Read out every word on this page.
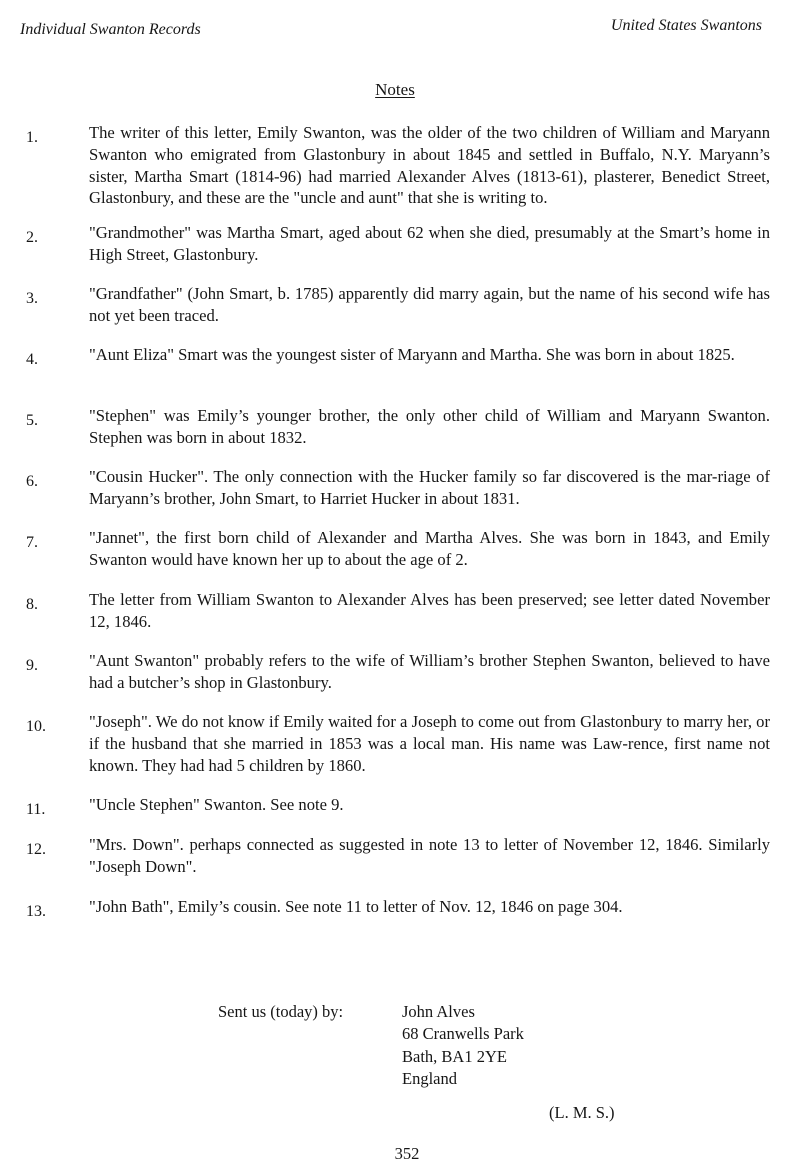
Individual Swanton Records	United States Swantons
Notes
1.	The writer of this letter, Emily Swanton, was the older of the two children of William and Maryann Swanton who emigrated from Glastonbury in about 1845 and settled in Buffalo, N.Y. Maryann’s sister, Martha Smart (1814-96) had married Alexander Alves (1813-61), plasterer, Benedict Street, Glastonbury, and these are the "uncle and aunt" that she is writing to.
2.	"Grandmother" was Martha Smart, aged about 62 when she died, presumably at the Smart’s home in High Street, Glastonbury.
3.	"Grandfather" (John Smart, b. 1785) apparently did marry again, but the name of his second wife has not yet been traced.
4.	"Aunt Eliza" Smart was the youngest sister of Maryann and Martha. She was born in about 1825.
5.	"Stephen" was Emily’s younger brother, the only other child of William and Maryann Swanton. Stephen was born in about 1832.
6.	"Cousin Hucker". The only connection with the Hucker family so far discovered is the mar-riage of Maryann’s brother, John Smart, to Harriet Hucker in about 1831.
7.	"Jannet", the first born child of Alexander and Martha Alves. She was born in 1843, and Emily Swanton would have known her up to about the age of 2.
8.	The letter from William Swanton to Alexander Alves has been preserved; see letter dated November 12, 1846.
9.	"Aunt Swanton" probably refers to the wife of William’s brother Stephen Swanton, believed to have had a butcher’s shop in Glastonbury.
10.	"Joseph". We do not know if Emily waited for a Joseph to come out from Glastonbury to marry her, or if the husband that she married in 1853 was a local man. His name was Law-rence, first name not known. They had had 5 children by 1860.
11.	"Uncle Stephen" Swanton. See note 9.
12.	"Mrs. Down". perhaps connected as suggested in note 13 to letter of November 12, 1846. Similarly "Joseph Down".
13.	"John Bath", Emily’s cousin. See note 11 to letter of Nov. 12, 1846 on page 304.
Sent us (today) by:	John Alves
68 Cranwells Park
Bath, BA1 2YE
England
(L. M. S.)
352
